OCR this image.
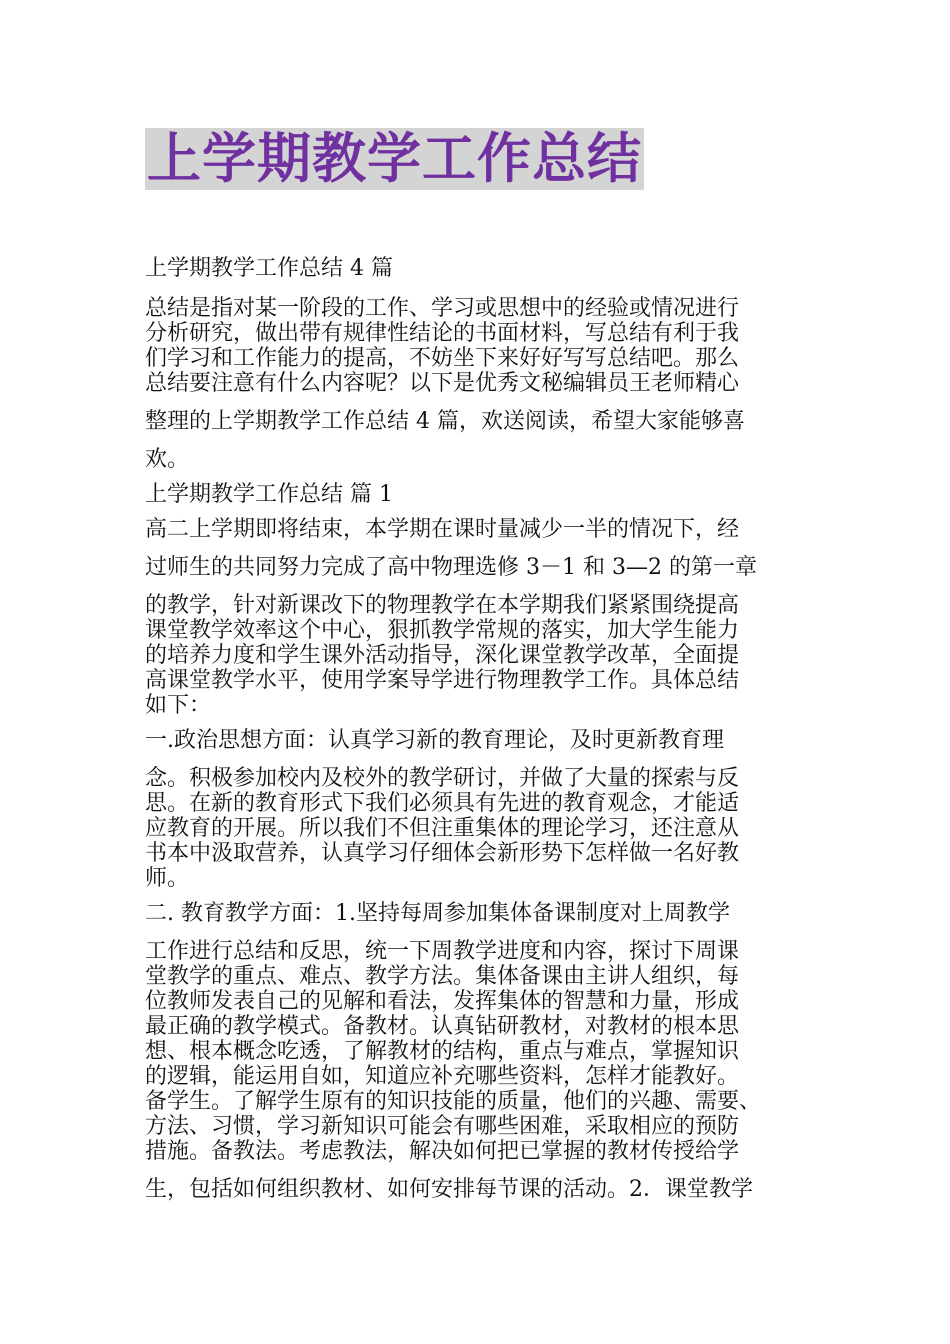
上学期教学工作总结

上学期教学工作总结 4 篇

总结是指对某一阶段的工作、学习或思想中的经验或情况进行
分析研究，做出带有规律性结论的书面材料，写总结有利于我
们学习和工作能力的提高，不妨坐下来好好写写总结吧。那么
总结要注意有什么内容呢？以下是优秀文秘编辑员王老师精心
整理的上学期教学工作总结 4 篇，欢送阅读，希望大家能够喜
欢。

上学期教学工作总结 篇 1

高二上学期即将结束，本学期在课时量减少一半的情况下，经
过师生的共同努力完成了高中物理选修 3－1 和 3—2 的第一章
的教学，针对新课改下的物理教学在本学期我们紧紧围绕提高
课堂教学效率这个中心，狠抓教学常规的落实，加大学生能力
的培养力度和学生课外活动指导，深化课堂教学改革，全面提
高课堂教学水平，使用学案导学进行物理教学工作。具体总结
如下：

一.政治思想方面：认真学习新的教育理论，及时更新教育理
念。积极参加校内及校外的教学研讨，并做了大量的探索与反
思。在新的教育形式下我们必须具有先进的教育观念，才能适
应教育的开展。所以我们不但注重集体的理论学习，还注意从
书本中汲取营养，认真学习仔细体会新形势下怎样做一名好教
师。

二. 教育教学方面：1.坚持每周参加集体备课制度对上周教学
工作进行总结和反思，统一下周教学进度和内容，探讨下周课
堂教学的重点、难点、教学方法。集体备课由主讲人组织，每
位教师发表自己的见解和看法，发挥集体的智慧和力量，形成
最正确的教学模式。备教材。认真钻研教材，对教材的根本思
想、根本概念吃透，了解教材的结构，重点与难点，掌握知识
的逻辑，能运用自如，知道应补充哪些资料，怎样才能教好。
备学生。了解学生原有的知识技能的质量，他们的兴趣、需要、
方法、习惯，学习新知识可能会有哪些困难，采取相应的预防
措施。备教法。考虑教法，解决如何把已掌握的教材传授给学
生，包括如何组织教材、如何安排每节课的活动。2．课堂教学
